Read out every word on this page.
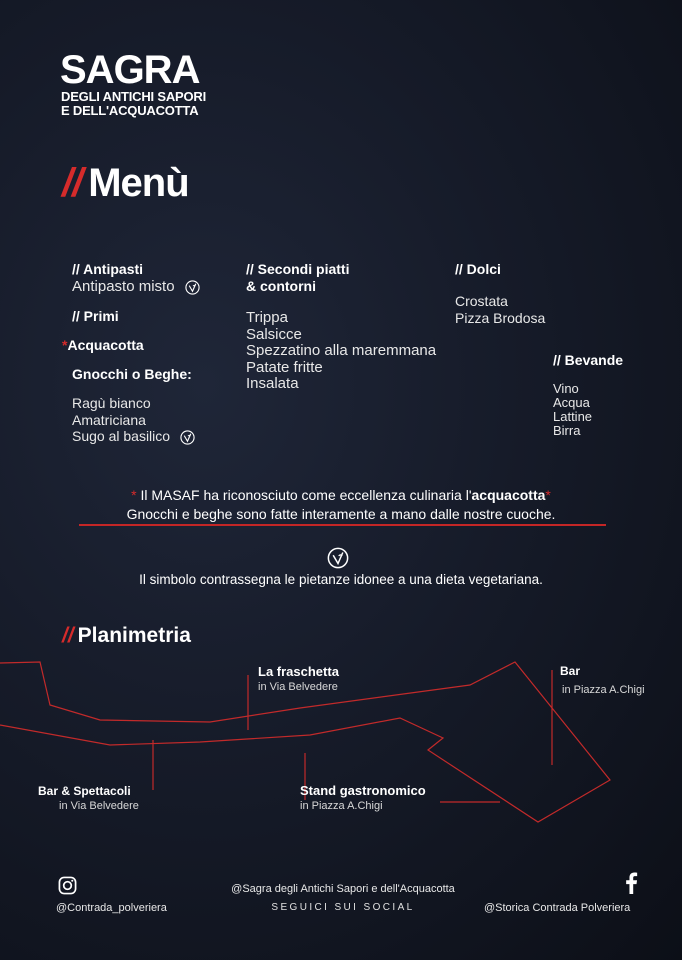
SAGRA
DEGLI ANTICHI SAPORI
E DELL'ACQUACOTTA
// Menù
// Antipasti
Antipasto misto
// Primi
*Acquacotta
Gnocchi o Beghe:
Ragù bianco
Amatriciana
Sugo al basilico
// Secondi piatti
& contorni
Trippa
Salsicce
Spezzatino alla maremmana
Patate fritte
Insalata
// Dolci
Crostata
Pizza Brodosa
// Bevande
Vino
Acqua
Lattine
Birra
* Il MASAF ha riconosciuto come eccellenza culinaria l'acquacotta*
Gnocchi e beghe sono fatte interamente a mano dalle nostre cuoche.
Il simbolo contrassegna le pietanze idonee a una dieta vegetariana.
// Planimetria
La fraschetta
in Via Belvedere
Bar
in Piazza A.Chigi
Bar & Spettacoli
in Via Belvedere
Stand gastronomico
in Piazza A.Chigi
@Contrada_polveriera
@Sagra degli Antichi Sapori e dell'Acquacotta
SEGUICI SUI SOCIAL	@Storica Contrada Polveriera
